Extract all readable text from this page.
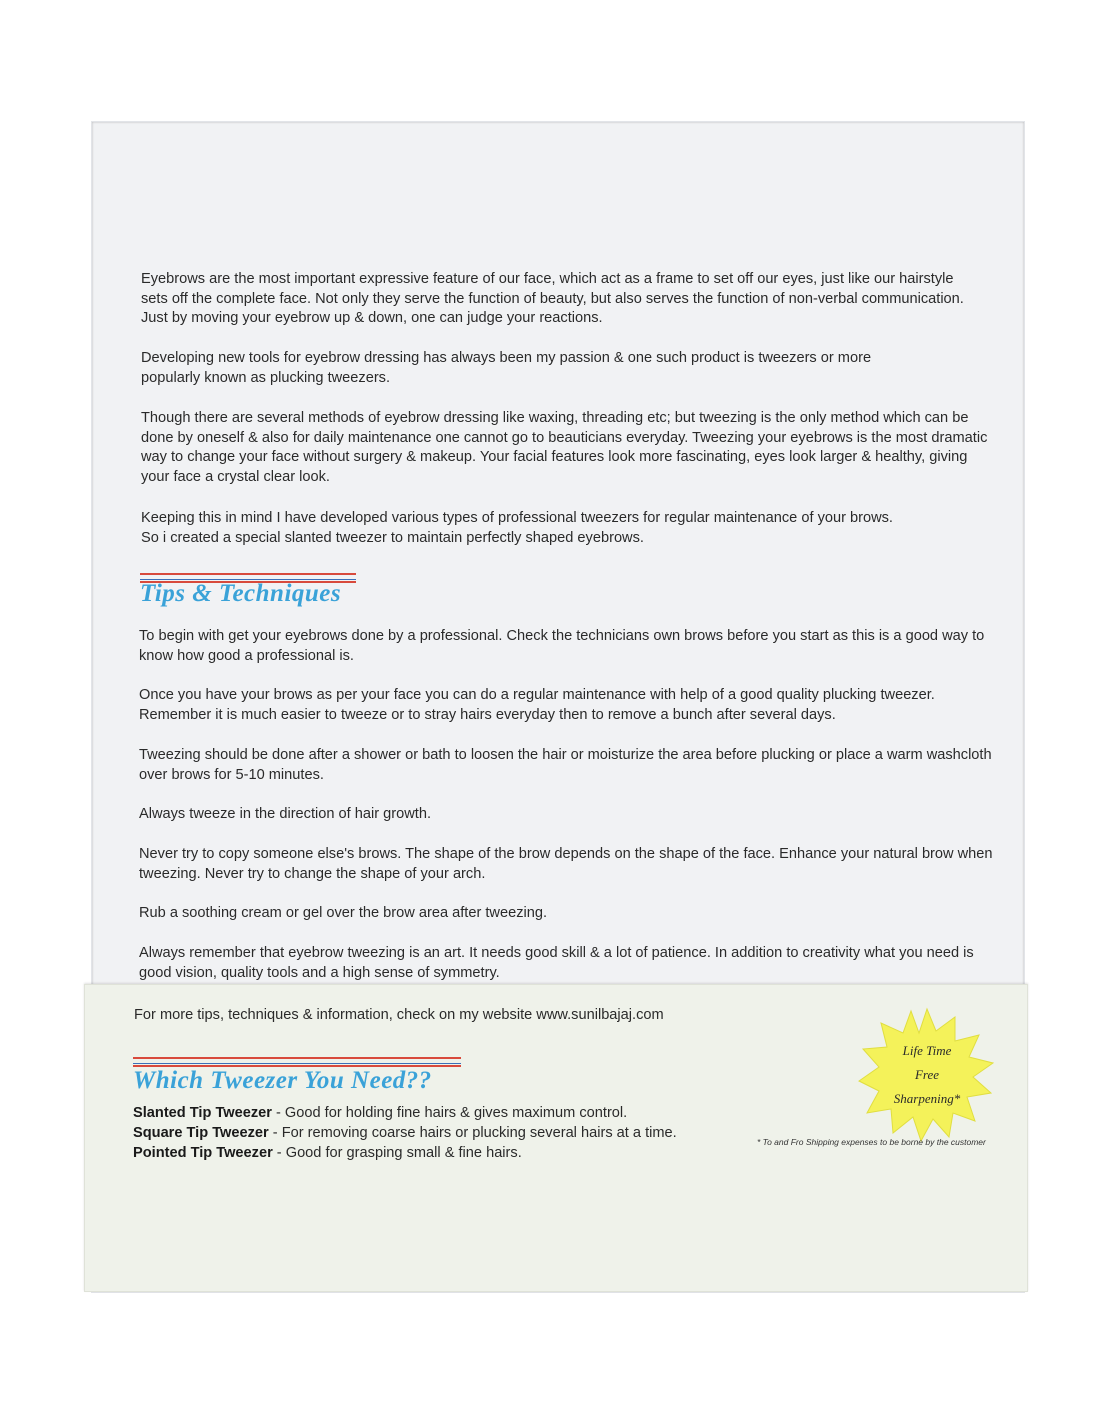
Eyebrows are the most important expressive feature of our face, which act as a frame to set off our eyes, just like our hairstyle
sets off the complete face. Not only they serve the function of beauty, but also serves the function of non-verbal communication.
Just by moving your eyebrow up & down, one can judge your reactions.

Developing new tools for eyebrow dressing has always been my passion & one such product is tweezers or more
popularly known as plucking tweezers.

Though there are several methods of eyebrow dressing like waxing, threading etc; but tweezing is the only method which can be
done by oneself & also for daily maintenance one cannot go to beauticians everyday. Tweezing your eyebrows is the most dramatic
way to change your face without surgery & makeup. Your facial features look more fascinating, eyes look larger & healthy, giving
your face a crystal clear look.

Keeping this in mind I have developed various types of professional tweezers for regular maintenance of your brows.
So i created a special slanted tweezer to maintain perfectly shaped eyebrows.

Tips & Techniques

To begin with get your eyebrows done by a professional. Check the technicians own brows before you start as this is a good way to
know how good a professional is.

Once you have your brows as per your face you can do a regular maintenance with help of a good quality plucking tweezer.
Remember it is much easier to tweeze or to stray hairs everyday then to remove a bunch after several days.

Tweezing should be done after a shower or bath to loosen the hair or moisturize the area before plucking or place a warm washcloth
over brows for 5-10 minutes.

Always tweeze in the direction of hair growth.

Never try to copy someone else's brows. The shape of the brow depends on the shape of the face. Enhance your natural brow when
tweezing. Never try to change the shape of your arch.

Rub a soothing cream or gel over the brow area after tweezing.

Always remember that eyebrow tweezing is an art. It needs good skill & a lot of patience. In addition to creativity what you need is
good vision, quality tools and a high sense of symmetry.

For more tips, techniques & information, check on my website www.sunilbajaj.com

Which Tweezer You Need??
Slanted Tip Tweezer - Good for holding fine hairs & gives maximum control.
Square Tip Tweezer - For removing coarse hairs or plucking several hairs at a time.
Pointed Tip Tweezer - Good for grasping small & fine hairs.
Life Time
Free
Sharpening*

* To and Fro Shipping expenses to be borne by the customer
